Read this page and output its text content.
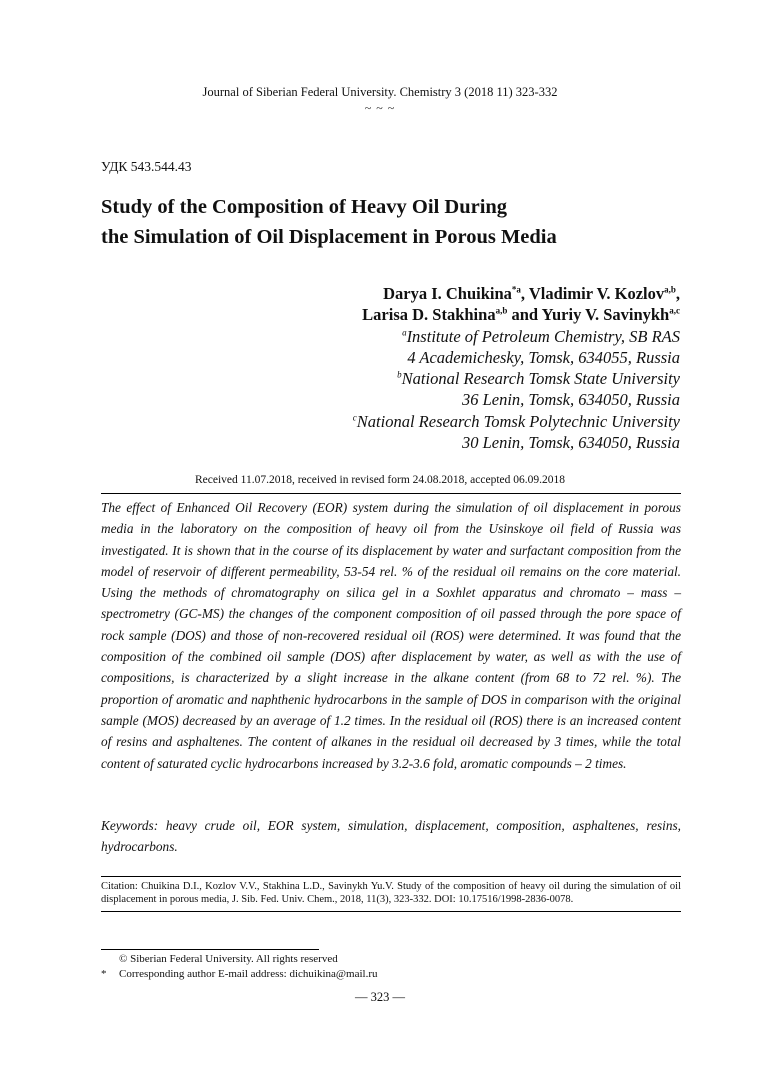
Journal of Siberian Federal University. Chemistry 3 (2018 11) 323-332
~ ~ ~
УДК 543.544.43
Study of the Composition of Heavy Oil During
the Simulation of Oil Displacement in Porous Media
Darya I. Chuikina$^{*a}$, Vladimir V. Kozlov$^{a,b}$,
Larisa D. Stakhina$^{a,b}$ and Yuriy V. Savinykh$^{a,c}$
$^a$Institute of Petroleum Chemistry, SB RAS
4 Academichesky, Tomsk, 634055, Russia
$^b$National Research Tomsk State University
36 Lenin, Tomsk, 634050, Russia
$^c$National Research Tomsk Polytechnic University
30 Lenin, Tomsk, 634050, Russia
Received 11.07.2018, received in revised form 24.08.2018, accepted 06.09.2018
The effect of Enhanced Oil Recovery (EOR) system during the simulation of oil displacement in porous media in the laboratory on the composition of heavy oil from the Usinskoye oil field of Russia was investigated. It is shown that in the course of its displacement by water and surfactant composition from the model of reservoir of different permeability, 53-54 rel. % of the residual oil remains on the core material. Using the methods of chromatography on silica gel in a Soxhlet apparatus and chromato – mass – spectrometry (GC-MS) the changes of the component composition of oil passed through the pore space of rock sample (DOS) and those of non-recovered residual oil (ROS) were determined. It was found that the composition of the combined oil sample (DOS) after displacement by water, as well as with the use of compositions, is characterized by a slight increase in the alkane content (from 68 to 72 rel. %). The proportion of aromatic and naphthenic hydrocarbons in the sample of DOS in comparison with the original sample (MOS) decreased by an average of 1.2 times. In the residual oil (ROS) there is an increased content of resins and asphaltenes. The content of alkanes in the residual oil decreased by 3 times, while the total content of saturated cyclic hydrocarbons increased by 3.2-3.6 fold, aromatic compounds – 2 times.
Keywords: heavy crude oil, EOR system, simulation, displacement, composition, asphaltenes, resins, hydrocarbons.
Citation: Chuikina D.I., Kozlov V.V., Stakhina L.D., Savinykh Yu.V. Study of the composition of heavy oil during the simulation of oil displacement in porous media, J. Sib. Fed. Univ. Chem., 2018, 11(3), 323-332. DOI: 10.17516/1998-2836-0078.
© Siberian Federal University. All rights reserved
* Corresponding author E-mail address: dichuikina@mail.ru
— 323 —
